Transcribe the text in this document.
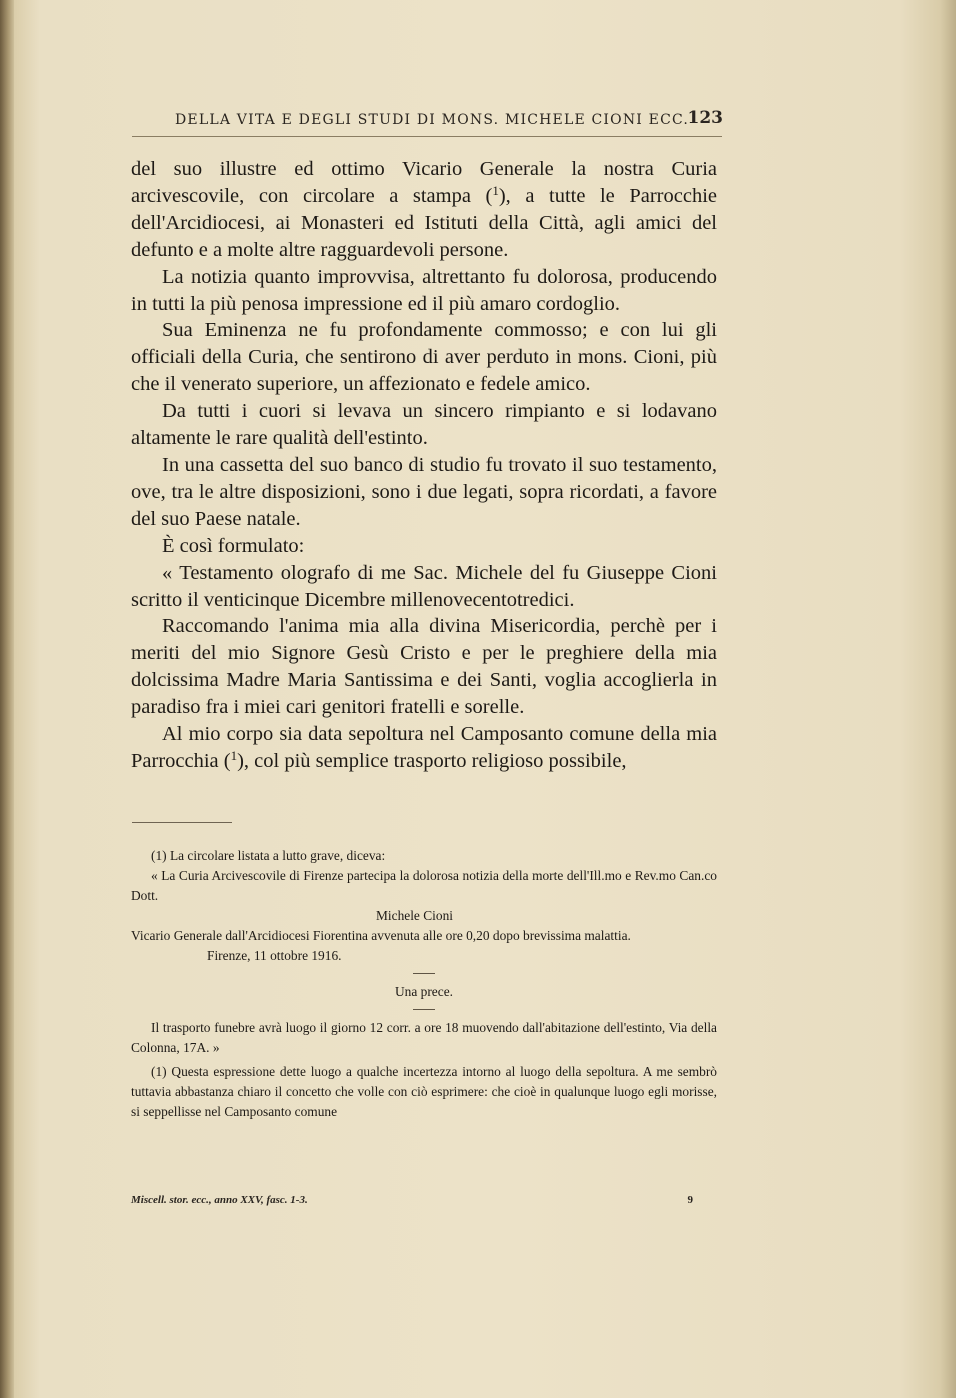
DELLA VITA E DEGLI STUDI DI MONS. MICHELE CIONI ECC.
123

del suo illustre ed ottimo Vicario Generale la nostra Curia arcivescovile, con circolare a stampa ($^1$), a tutte le Parrocchie dell'Arcidiocesi, ai Monasteri ed Istituti della Città, agli amici del defunto e a molte altre ragguardevoli persone.

La notizia quanto improvvisa, altrettanto fu dolorosa, producendo in tutti la più penosa impressione ed il più amaro cordoglio.

Sua Eminenza ne fu profondamente commosso; e con lui gli officiali della Curia, che sentirono di aver perduto in mons. Cioni, più che il venerato superiore, un affezionato e fedele amico.

Da tutti i cuori si levava un sincero rimpianto e si lodavano altamente le rare qualità dell'estinto.

In una cassetta del suo banco di studio fu trovato il suo testamento, ove, tra le altre disposizioni, sono i due legati, sopra ricordati, a favore del suo Paese natale.

È così formulato:

« Testamento olografo di me Sac. Michele del fu Giuseppe Cioni scritto il venticinque Dicembre millenovecentotredici.

Raccomando l'anima mia alla divina Misericordia, perchè per i meriti del mio Signore Gesù Cristo e per le preghiere della mia dolcissima Madre Maria Santissima e dei Santi, voglia accoglierla in paradiso fra i miei cari genitori fratelli e sorelle.

Al mio corpo sia data sepoltura nel Camposanto comune della mia Parrocchia ($^1$), col più semplice trasporto religioso possibile,

(1) La circolare listata a lutto grave, diceva:

« La Curia Arcivescovile di Firenze partecipa la dolorosa notizia della morte dell'Ill.mo e Rev.mo Can.co Dott.

Michele Cioni

Vicario Generale dall'Arcidiocesi Fiorentina avvenuta alle ore 0,20 dopo brevissima malattia.

Firenze, 11 ottobre 1916.

Una prece.

Il trasporto funebre avrà luogo il giorno 12 corr. a ore 18 muovendo dall'abitazione dell'estinto, Via della Colonna, 17A. »

(1) Questa espressione dette luogo a qualche incertezza intorno al luogo della sepoltura. A me sembrò tuttavia abbastanza chiaro il concetto che volle con ciò esprimere: che cioè in qualunque luogo egli morisse, si seppellisse nel Camposanto comune

Miscell. stor. ecc., anno XXV, fasc. 1-3.	9
